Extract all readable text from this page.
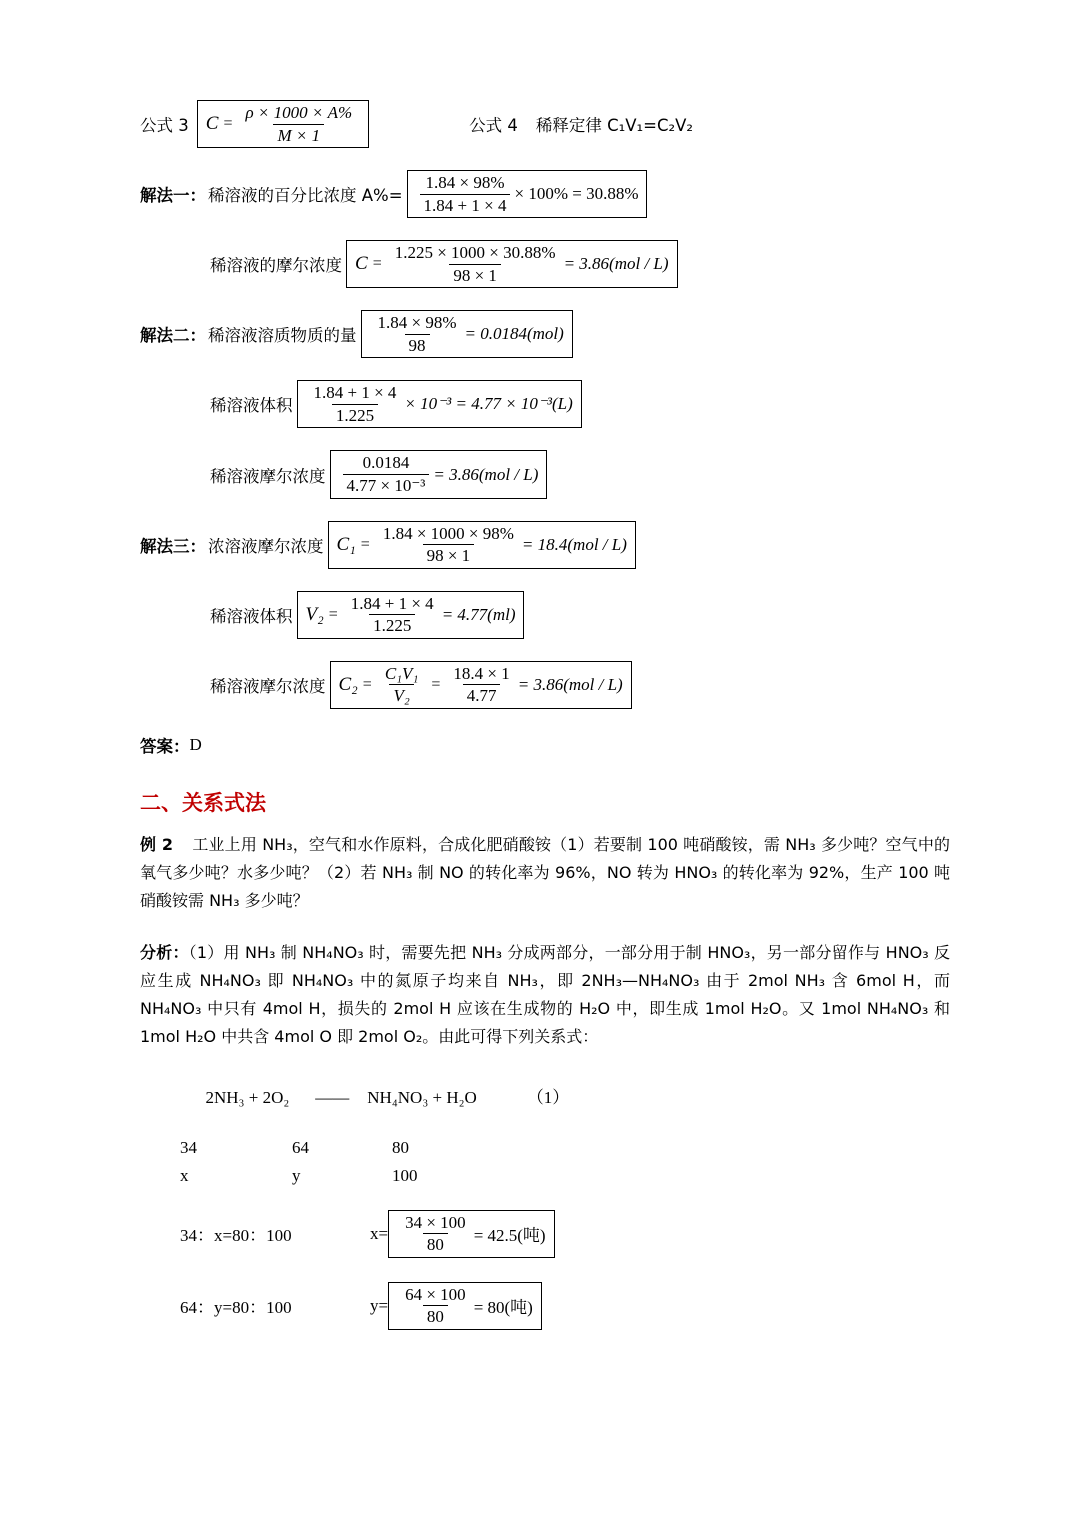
公式 3 $C = \frac{\rho \times 1000 \times A\%}{M \times 1}$	公式 4 稀释定律 C₁V₁=C₂V₂
解法一： 稀溶液的百分比浓度 $A\%= \frac{1.84 \times 98\%}{1.84 + 1 \times 4} \times 100\% = 30.88\%$
稀溶液的摩尔浓度 $C = \frac{1.225 \times 1000 \times 30.88\%}{98 \times 1} = 3.86(mol / L)$
解法二： 稀溶液溶质物质的量 $\frac{1.84 \times 98\%}{98} = 0.0184(mol)$
稀溶液体积 $\frac{1.84 + 1 \times 4}{1.225} \times 10^{-3} = 4.77 \times 10^{-3}(L)$
稀溶液摩尔浓度 $\frac{0.0184}{\text{4.77 × 10⁻³}} = 3.86(mol / L)$
解法三： 浓溶液摩尔浓度 $C_1 = \frac{1.84 \times 1000 \times 98\%}{98 \times 1} = 18.4(mol / L)$
稀溶液体积 $V_2 = \frac{1.84 + 1 \times 4}{1.225} = 4.77(ml)$
稀溶液摩尔浓度 $C_2 = \frac{\text{C₁V₁}}{\text{V₂}} = \frac{18.4 \times 1}{4.77} = 3.86(mol / L)$
答案： D
二、关系式法
例 2 工业上用 NH₃，空气和水作原料，合成化肥硝酸铵（1）若要制 100 吨硝酸铵，需 NH₃ 多少吨？空气中的氧气多少吨？水多少吨？（2）若 NH₃ 制 NO 的转化率为 96%，NO 转为 HNO₃ 的转化率为 92%，生产 100 吨硝酸铵需 NH₃ 多少吨？
分析：（1）用 NH₃ 制 NH₄NO₃ 时，需要先把 NH₃ 分成两部分，一部分用于制 HNO₃，另一部分留作与 HNO₃ 反应生成 NH₄NO₃ 即 NH₄NO₃ 中的氮原子均来自 NH₃，即 2NH₃—NH₄NO₃ 由于 2mol NH₃ 含 6mol H，而 NH₄NO₃ 中只有 4mol H，损失的 2mol H 应该在生成物的 H₂O 中，即生成 1mol H₂O。又 1mol NH₄NO₃ 和 1mol H₂O 中共含 4mol O 即 2mol O₂。由此可得下列关系式：

2NH₃ + 2O₂ —— NH₄NO₃ + H₂O	（1）

34	64	80
x	y	100
34：x=80：100	$x= \frac{34 \times 100}{80} = 42.5$(吨)
64：y=80：100	$y= \frac{64 \times 100}{80} = 80$(吨)
